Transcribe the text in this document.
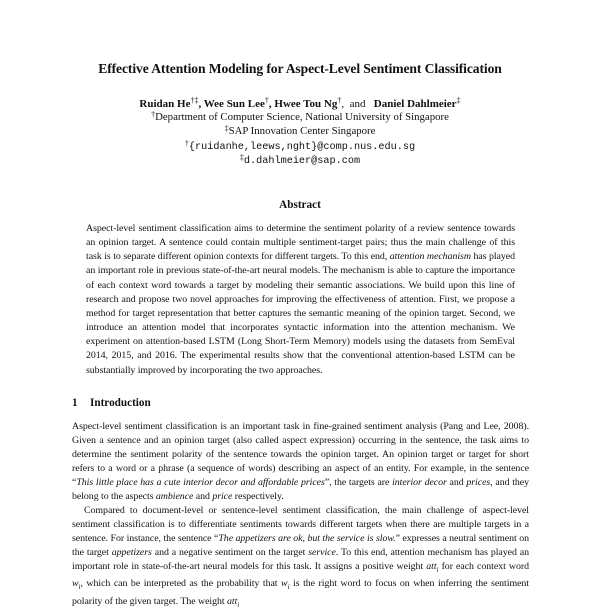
Effective Attention Modeling for Aspect-Level Sentiment Classification
Ruidan He†‡, Wee Sun Lee†, Hwee Tou Ng†,  and   Daniel Dahlmeier‡
†Department of Computer Science, National University of Singapore
‡SAP Innovation Center Singapore
†{ruidanhe,leews,nght}@comp.nus.edu.sg
‡d.dahlmeier@sap.com
Abstract
Aspect-level sentiment classification aims to determine the sentiment polarity of a review sentence towards an opinion target. A sentence could contain multiple sentiment-target pairs; thus the main challenge of this task is to separate different opinion contexts for different targets. To this end, attention mechanism has played an important role in previous state-of-the-art neural models. The mechanism is able to capture the importance of each context word towards a target by modeling their semantic associations. We build upon this line of research and propose two novel approaches for improving the effectiveness of attention. First, we propose a method for target representation that better captures the semantic meaning of the opinion target. Second, we introduce an attention model that incorporates syntactic information into the attention mechanism. We experiment on attention-based LSTM (Long Short-Term Memory) models using the datasets from SemEval 2014, 2015, and 2016. The experimental results show that the conventional attention-based LSTM can be substantially improved by incorporating the two approaches.
1 Introduction

Aspect-level sentiment classification is an important task in fine-grained sentiment analysis (Pang and Lee, 2008). Given a sentence and an opinion target (also called aspect expression) occurring in the sentence, the task aims to determine the sentiment polarity of the sentence towards the opinion target. An opinion target or target for short refers to a word or a phrase (a sequence of words) describing an aspect of an entity. For example, in the sentence “This little place has a cute interior decor and affordable prices”, the targets are interior decor and prices, and they belong to the aspects ambience and price respectively.

Compared to document-level or sentence-level sentiment classification, the main challenge of aspect-level sentiment classification is to differentiate sentiments towards different targets when there are multiple targets in a sentence. For instance, the sentence “The appetizers are ok, but the service is slow.” expresses a neutral sentiment on the target appetizers and a negative sentiment on the target service. To this end, attention mechanism has played an important role in state-of-the-art neural models for this task. It assigns a positive weight att$_i$ for each context word $w_i$, which can be interpreted as the probability that $w_i$ is the right word to focus on when inferring the sentiment polarity of the given target. The weight att$_i$
